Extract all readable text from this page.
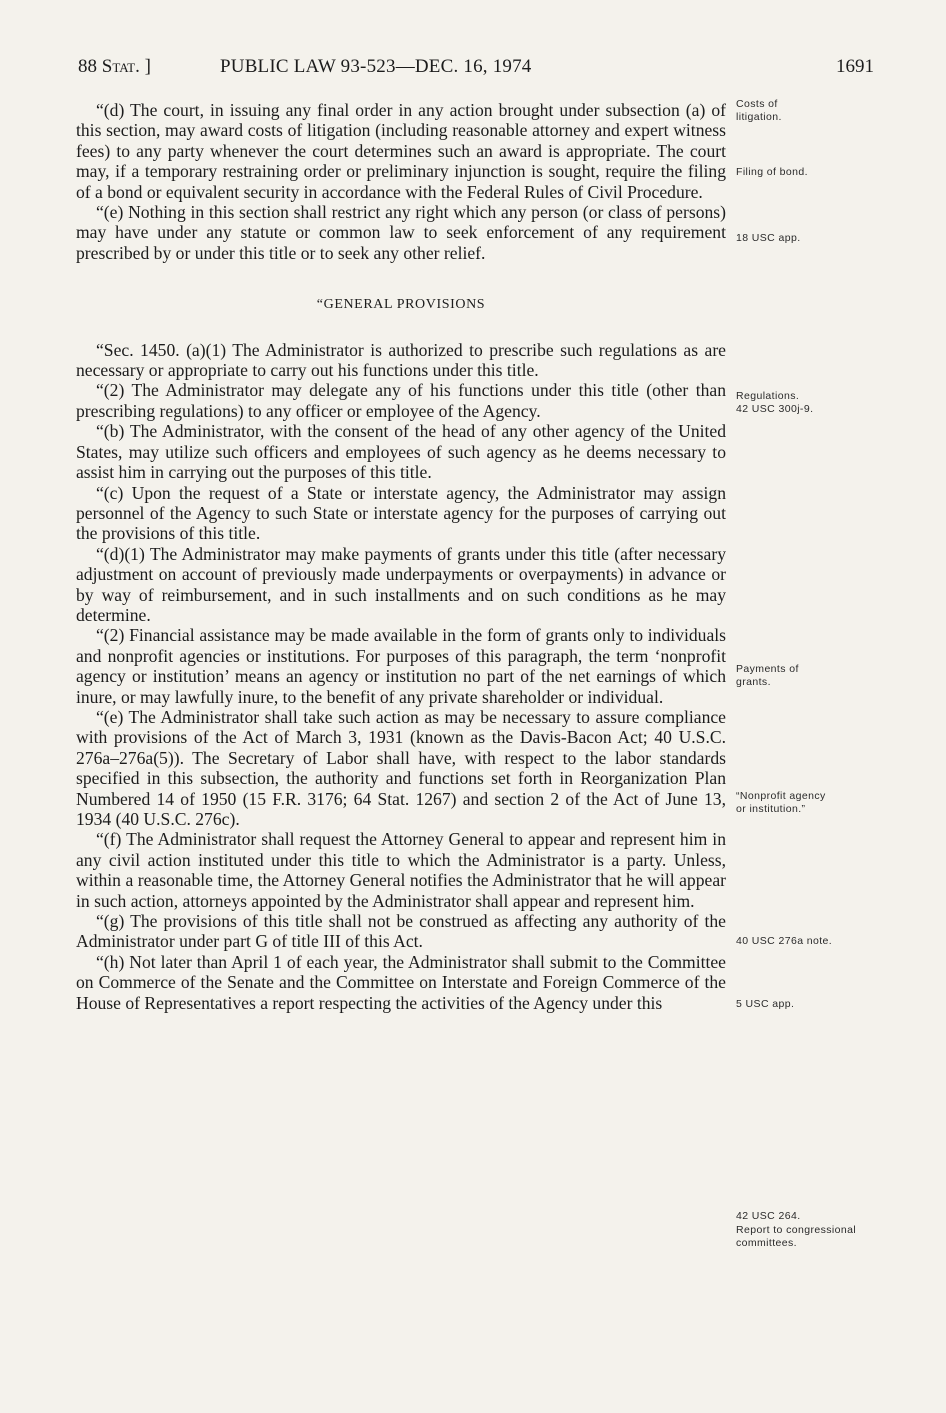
88 Stat. ]	PUBLIC LAW 93-523—DEC. 16, 1974	1691

“(d) The court, in issuing any final order in any action brought under subsection (a) of this section, may award costs of litigation (including reasonable attorney and expert witness fees) to any party whenever the court determines such an award is appropriate. The court may, if a temporary restraining order or preliminary injunction is sought, require the filing of a bond or equivalent security in accordance with the Federal Rules of Civil Procedure.

“(e) Nothing in this section shall restrict any right which any person (or class of persons) may have under any statute or common law to seek enforcement of any requirement prescribed by or under this title or to seek any other relief.

“GENERAL PROVISIONS

“Sec. 1450. (a)(1) The Administrator is authorized to prescribe such regulations as are necessary or appropriate to carry out his functions under this title.

“(2) The Administrator may delegate any of his functions under this title (other than prescribing regulations) to any officer or employee of the Agency.

“(b) The Administrator, with the consent of the head of any other agency of the United States, may utilize such officers and employees of such agency as he deems necessary to assist him in carrying out the purposes of this title.

“(c) Upon the request of a State or interstate agency, the Administrator may assign personnel of the Agency to such State or interstate agency for the purposes of carrying out the provisions of this title.

“(d)(1) The Administrator may make payments of grants under this title (after necessary adjustment on account of previously made underpayments or overpayments) in advance or by way of reimbursement, and in such installments and on such conditions as he may determine.

“(2) Financial assistance may be made available in the form of grants only to individuals and nonprofit agencies or institutions. For purposes of this paragraph, the term ‘nonprofit agency or institution’ means an agency or institution no part of the net earnings of which inure, or may lawfully inure, to the benefit of any private shareholder or individual.

“(e) The Administrator shall take such action as may be necessary to assure compliance with provisions of the Act of March 3, 1931 (known as the Davis-Bacon Act; 40 U.S.C. 276a–276a(5)). The Secretary of Labor shall have, with respect to the labor standards specified in this subsection, the authority and functions set forth in Reorganization Plan Numbered 14 of 1950 (15 F.R. 3176; 64 Stat. 1267) and section 2 of the Act of June 13, 1934 (40 U.S.C. 276c).

“(f) The Administrator shall request the Attorney General to appear and represent him in any civil action instituted under this title to which the Administrator is a party. Unless, within a reasonable time, the Attorney General notifies the Administrator that he will appear in such action, attorneys appointed by the Administrator shall appear and represent him.

“(g) The provisions of this title shall not be construed as affecting any authority of the Administrator under part G of title III of this Act.

“(h) Not later than April 1 of each year, the Administrator shall submit to the Committee on Commerce of the Senate and the Committee on Interstate and Foreign Commerce of the House of Representatives a report respecting the activities of the Agency under this

Costs of litigation.
Filing of bond.
18 USC app.
Regulations.
42 USC 300j-9.
Payments of grants.
“Nonprofit agency or institution.”
40 USC 276a note.
5 USC app.
42 USC 264.
Report to congressional committees.
